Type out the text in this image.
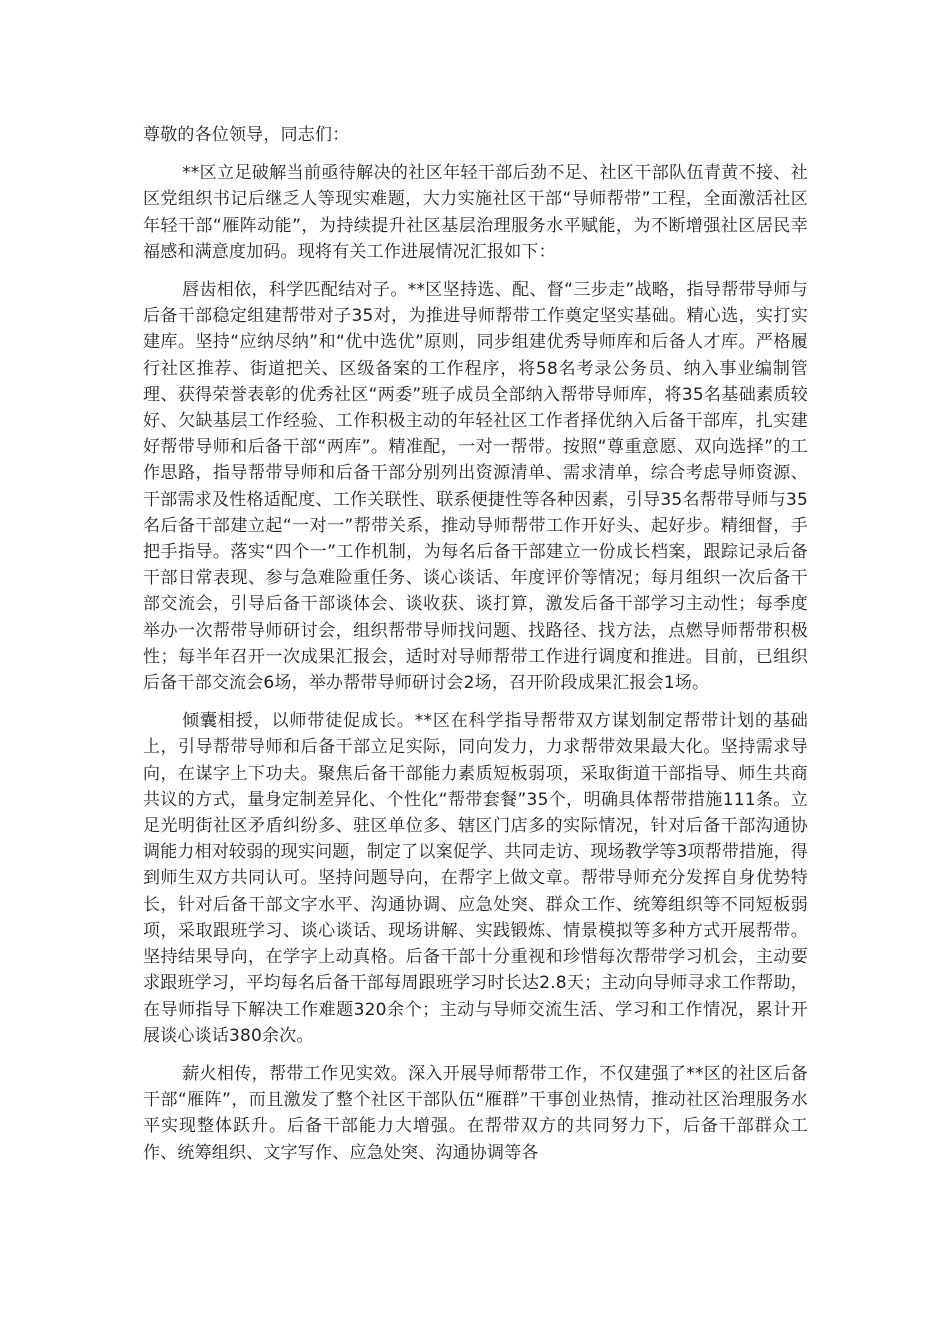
尊敬的各位领导，同志们：

**区立足破解当前亟待解决的社区年轻干部后劲不足、社区干部队伍青黄不接、社区党组织书记后继乏人等现实难题，大力实施社区干部“导师帮带”工程，全面激活社区年轻干部“雁阵动能”，为持续提升社区基层治理服务水平赋能，为不断增强社区居民幸福感和满意度加码。现将有关工作进展情况汇报如下：

唇齿相依，科学匹配结对子。**区坚持选、配、督“三步走”战略，指导帮带导师与后备干部稳定组建帮带对子35对，为推进导师帮带工作奠定坚实基础。精心选，实打实建库。坚持“应纳尽纳”和“优中选优”原则，同步组建优秀导师库和后备人才库。严格履行社区推荐、街道把关、区级备案的工作程序，将58名考录公务员、纳入事业编制管理、获得荣誉表彰的优秀社区“两委”班子成员全部纳入帮带导师库，将35名基础素质较好、欠缺基层工作经验、工作积极主动的年轻社区工作者择优纳入后备干部库，扎实建好帮带导师和后备干部“两库”。精准配，一对一帮带。按照“尊重意愿、双向选择”的工作思路，指导帮带导师和后备干部分别列出资源清单、需求清单，综合考虑导师资源、干部需求及性格适配度、工作关联性、联系便捷性等各种因素，引导35名帮带导师与35名后备干部建立起“一对一”帮带关系，推动导师帮带工作开好头、起好步。精细督，手把手指导。落实“四个一”工作机制，为每名后备干部建立一份成长档案，跟踪记录后备干部日常表现、参与急难险重任务、谈心谈话、年度评价等情况；每月组织一次后备干部交流会，引导后备干部谈体会、谈收获、谈打算，激发后备干部学习主动性；每季度举办一次帮带导师研讨会，组织帮带导师找问题、找路径、找方法，点燃导师帮带积极性；每半年召开一次成果汇报会，适时对导师帮带工作进行调度和推进。目前，已组织后备干部交流会6场，举办帮带导师研讨会2场，召开阶段成果汇报会1场。

倾囊相授，以师带徒促成长。**区在科学指导帮带双方谋划制定帮带计划的基础上，引导帮带导师和后备干部立足实际，同向发力，力求帮带效果最大化。坚持需求导向，在谋字上下功夫。聚焦后备干部能力素质短板弱项，采取街道干部指导、师生共商共议的方式，量身定制差异化、个性化“帮带套餐”35个，明确具体帮带措施111条。立足光明街社区矛盾纠纷多、驻区单位多、辖区门店多的实际情况，针对后备干部沟通协调能力相对较弱的现实问题，制定了以案促学、共同走访、现场教学等3项帮带措施，得到师生双方共同认可。坚持问题导向，在帮字上做文章。帮带导师充分发挥自身优势特长，针对后备干部文字水平、沟通协调、应急处突、群众工作、统筹组织等不同短板弱项，采取跟班学习、谈心谈话、现场讲解、实践锻炼、情景模拟等多种方式开展帮带。坚持结果导向，在学字上动真格。后备干部十分重视和珍惜每次帮带学习机会，主动要求跟班学习，平均每名后备干部每周跟班学习时长达2.8天；主动向导师寻求工作帮助，在导师指导下解决工作难题320余个；主动与导师交流生活、学习和工作情况，累计开展谈心谈话380余次。

薪火相传，帮带工作见实效。深入开展导师帮带工作，不仅建强了**区的社区后备干部“雁阵”，而且激发了整个社区干部队伍“雁群”干事创业热情，推动社区治理服务水平实现整体跃升。后备干部能力大增强。在帮带双方的共同努力下，后备干部群众工作、统筹组织、文字写作、应急处突、沟通协调等各
